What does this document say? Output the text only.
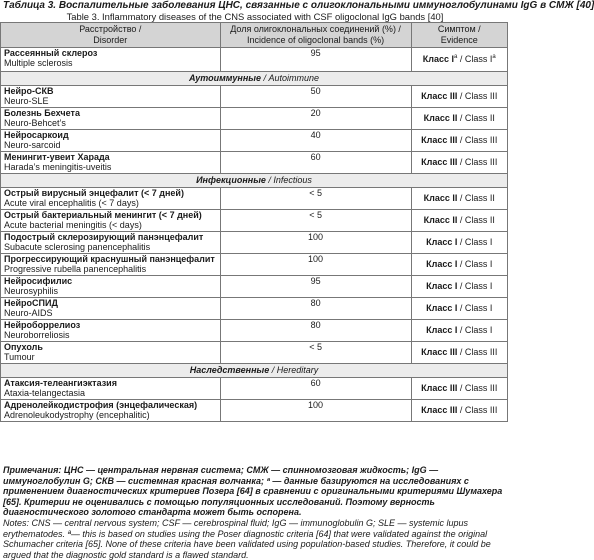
Таблица 3. Воспалительные заболевания ЦНС, связанные с олигоклональными иммуноглобулинами IgG в СМЖ [40]
Table 3. Inflammatory diseases of the CNS associated with CSF oligoclonal IgG bands [40]
Расстройство /
Disorder	Доля олигоклональных соединений (%) /
Incidence of oligoclonal bands (%)	Симптом /
Evidence

Рассеянный склероз
Multiple sclerosis	95	Класс $I^a$ / Class $I^a$
Аутоиммунные / Autoimmune		

Нейро-СКВ
Neuro-SLE	50	Класс III / Class III

Болезнь Бехчета
Neuro-Behcet’s	20	Класс II / Class II

Нейросаркоид
Neuro-sarcoid	40	Класс III / Class III

Менингит-увеит Харада
Harada’s meningitis-uveitis	60	Класс III / Class III
Инфекционные / Infectious		

Острый вирусный энцефалит (< 7 дней)
Acute viral encephalitis (< 7 days)	< 5	Класс II / Class II

Острый бактериальный менингит (< 7 дней)
Acute bacterial meningitis (< days)	< 5	Класс II / Class II

Подострый склерозирующий панэнцефалит
Subacute sclerosing panencephalitis	100	Класс I / Class I

Прогрессирующий краснушный панэнцефалит
Progressive rubella panencephalitis	100	Класс I / Class I

Нейросифилис
Neurosyphilis	95	Класс I / Class I

НейроСПИД
Neuro-AIDS	80	Класс I / Class I

Нейроборрелиоз
Neuroborreliosis	80	Класс I / Class I

Опухоль
Tumour	< 5	Класс III / Class III
Наследственные / Hereditary		

Атаксия-телеангиэктазия
Ataxia-telangectasia	60	Класс III / Class III

Адренолейкодистрофия (энцефалическая)
Adrenoleukodystrophy (encephalitic)	100	Класс III / Class III
Примечания: ЦНС — центральная нервная система; СМЖ — спинномозговая жидкость; IgG — иммуноглобулин G; СКВ — системная красная волчанка; ª — данные базируются на исследованиях с применением диагностических критериев Позера [64] в сравнении с оригинальными критериями Шумахера [65]. Критерии не оценивались с помощью популяционных исследований. Поэтому верность диагностического золотого стандарта может быть оспорена.
Notes: CNS — central nervous system; CSF — cerebrospinal fluid; IgG — immunoglobulin G; SLE — systemic lupus erythematodes. ª— this is based on studies using the Poser diagnostic criteria [64] that were validated against the original Schumacher criteria [65]. None of these criteria have been validated using population-based studies. Therefore, it could be argued that the diagnostic gold standard is a flawed standard.
